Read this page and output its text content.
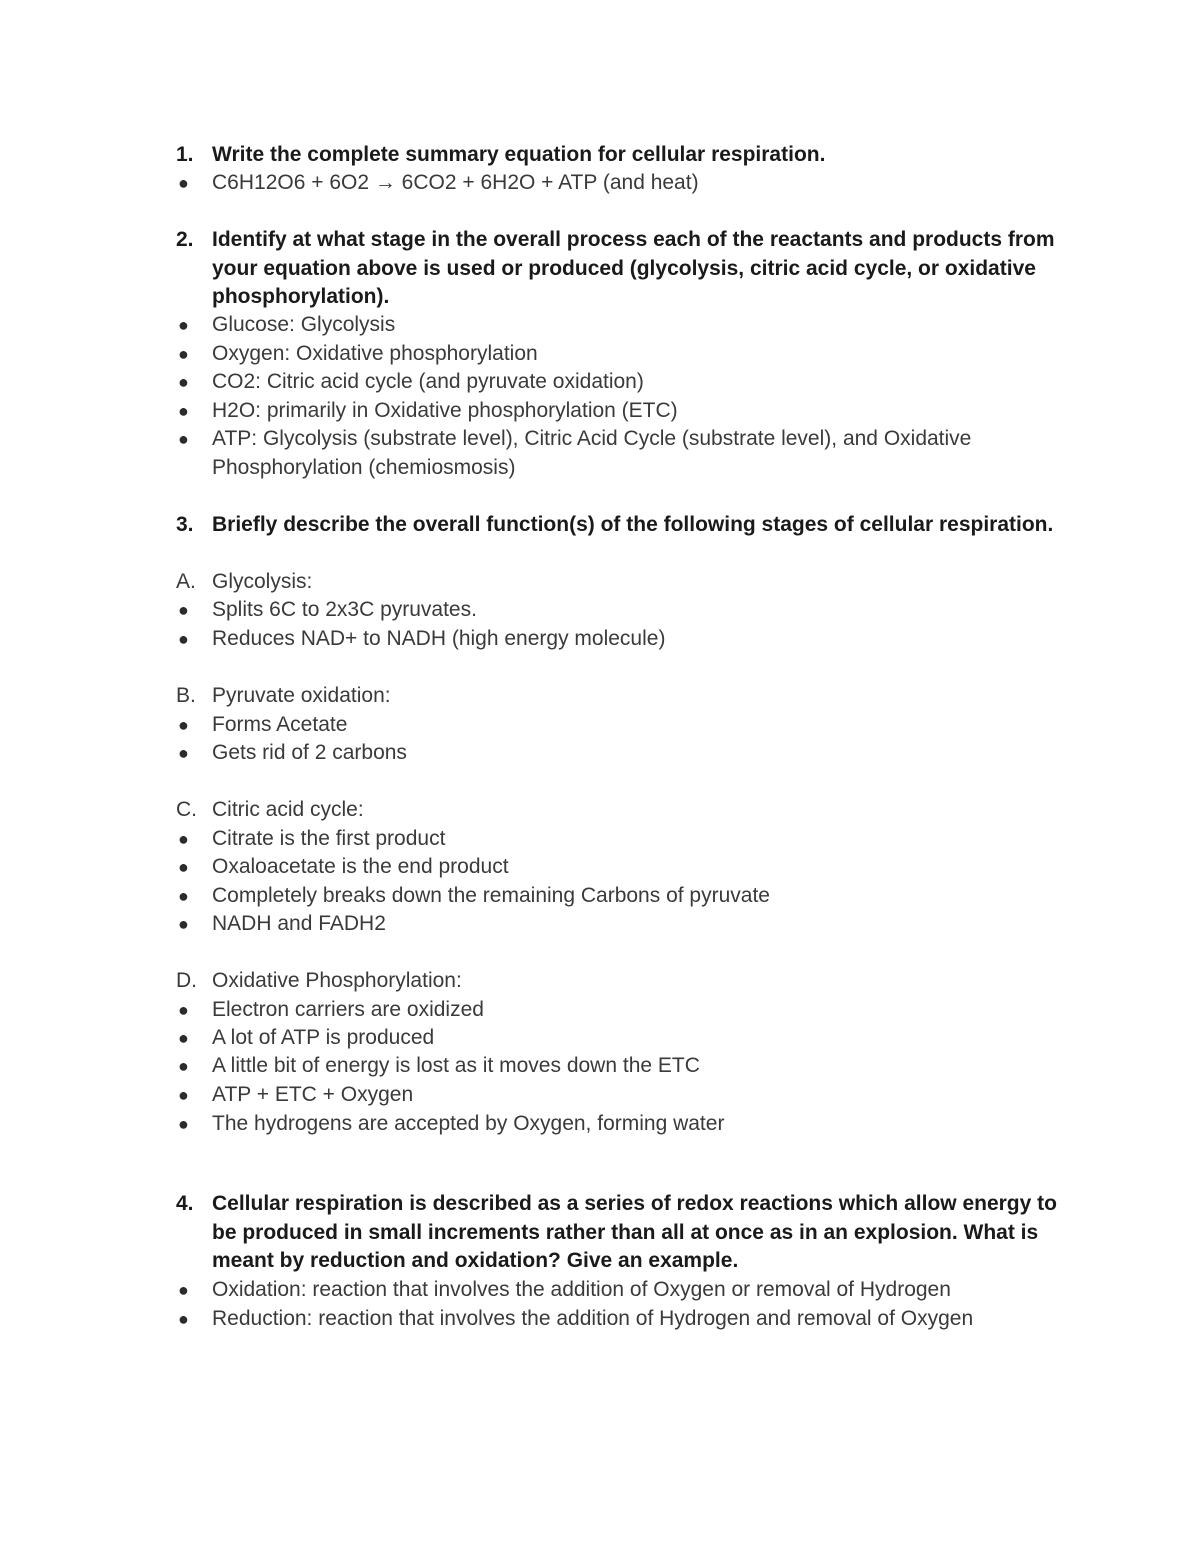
1. Write the complete summary equation for cellular respiration.
●	C6H12O6 + 6O2 → 6CO2 + 6H2O + ATP (and heat)
2. Identify at what stage in the overall process each of the reactants and products from your equation above is used or produced (glycolysis, citric acid cycle, or oxidative phosphorylation).
●	Glucose: Glycolysis
●	Oxygen: Oxidative phosphorylation
●	CO2: Citric acid cycle (and pyruvate oxidation)
●	H2O: primarily in Oxidative phosphorylation (ETC)
●	ATP: Glycolysis (substrate level), Citric Acid Cycle (substrate level), and Oxidative Phosphorylation (chemiosmosis)
3. Briefly describe the overall function(s) of the following stages of cellular respiration.
A. Glycolysis:
●	Splits 6C to 2x3C pyruvates.
●	Reduces NAD+ to NADH (high energy molecule)
B. Pyruvate oxidation:
●	Forms Acetate
●	Gets rid of 2 carbons
C. Citric acid cycle:
●	Citrate is the first product
●	Oxaloacetate is the end product
●	Completely breaks down the remaining Carbons of pyruvate
●	NADH and FADH2
D. Oxidative Phosphorylation:
●	Electron carriers are oxidized
●	A lot of ATP is produced
●	A little bit of energy is lost as it moves down the ETC
●	ATP + ETC + Oxygen
●	The hydrogens are accepted by Oxygen, forming water
4. Cellular respiration is described as a series of redox reactions which allow energy to be produced in small increments rather than all at once as in an explosion. What is meant by reduction and oxidation? Give an example.
●	Oxidation: reaction that involves the addition of Oxygen or removal of Hydrogen
●	Reduction: reaction that involves the addition of Hydrogen and removal of Oxygen
